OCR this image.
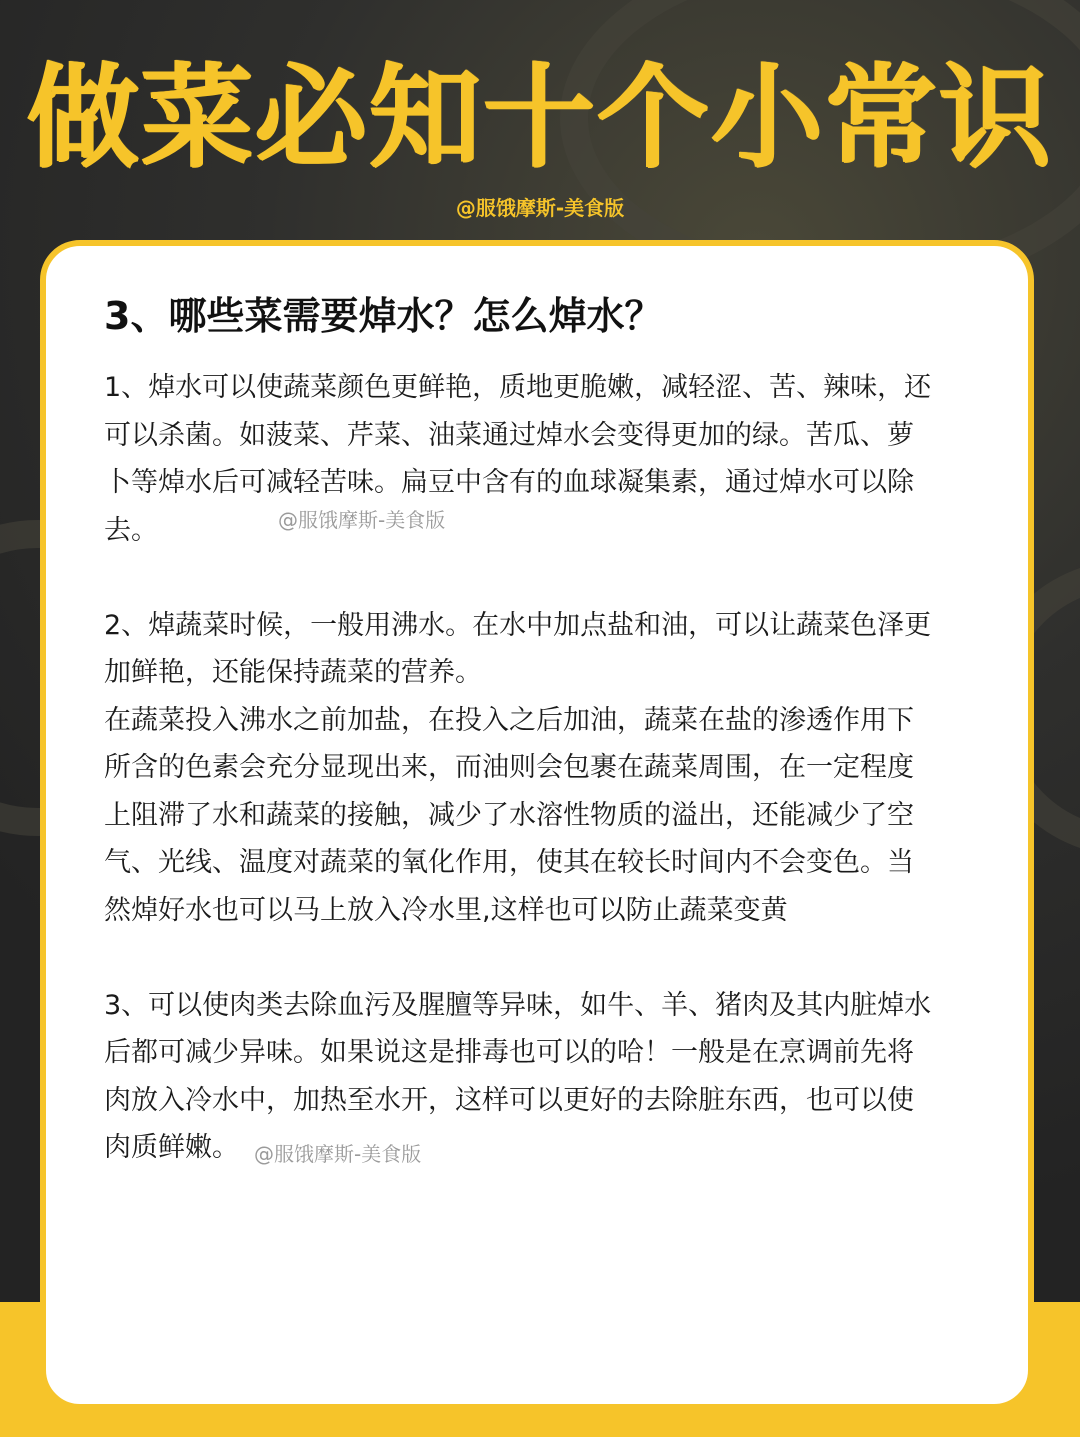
做菜必知十个小常识
@服饿摩斯-美食版
3、哪些菜需要焯水？怎么焯水？

1、焯水可以使蔬菜颜色更鲜艳，质地更脆嫩，减轻涩、苦、辣味，还
可以杀菌。如菠菜、芹菜、油菜通过焯水会变得更加的绿。苦瓜、萝
卜等焯水后可减轻苦味。扁豆中含有的血球凝集素，通过焯水可以除
去。

2、焯蔬菜时候，一般用沸水。在水中加点盐和油，可以让蔬菜色泽更
加鲜艳，还能保持蔬菜的营养。
在蔬菜投入沸水之前加盐，在投入之后加油，蔬菜在盐的渗透作用下
所含的色素会充分显现出来，而油则会包裹在蔬菜周围，在一定程度
上阻滞了水和蔬菜的接触，减少了水溶性物质的溢出，还能减少了空
气、光线、温度对蔬菜的氧化作用，使其在较长时间内不会变色。当
然焯好水也可以马上放入冷水里,这样也可以防止蔬菜变黄

3、可以使肉类去除血污及腥膻等异味，如牛、羊、猪肉及其内脏焯水
后都可减少异味。如果说这是排毒也可以的哈！一般是在烹调前先将
肉放入冷水中，加热至水开，这样可以更好的去除脏东西，也可以使
肉质鲜嫩。

@服饿摩斯-美食版
@服饿摩斯-美食版
